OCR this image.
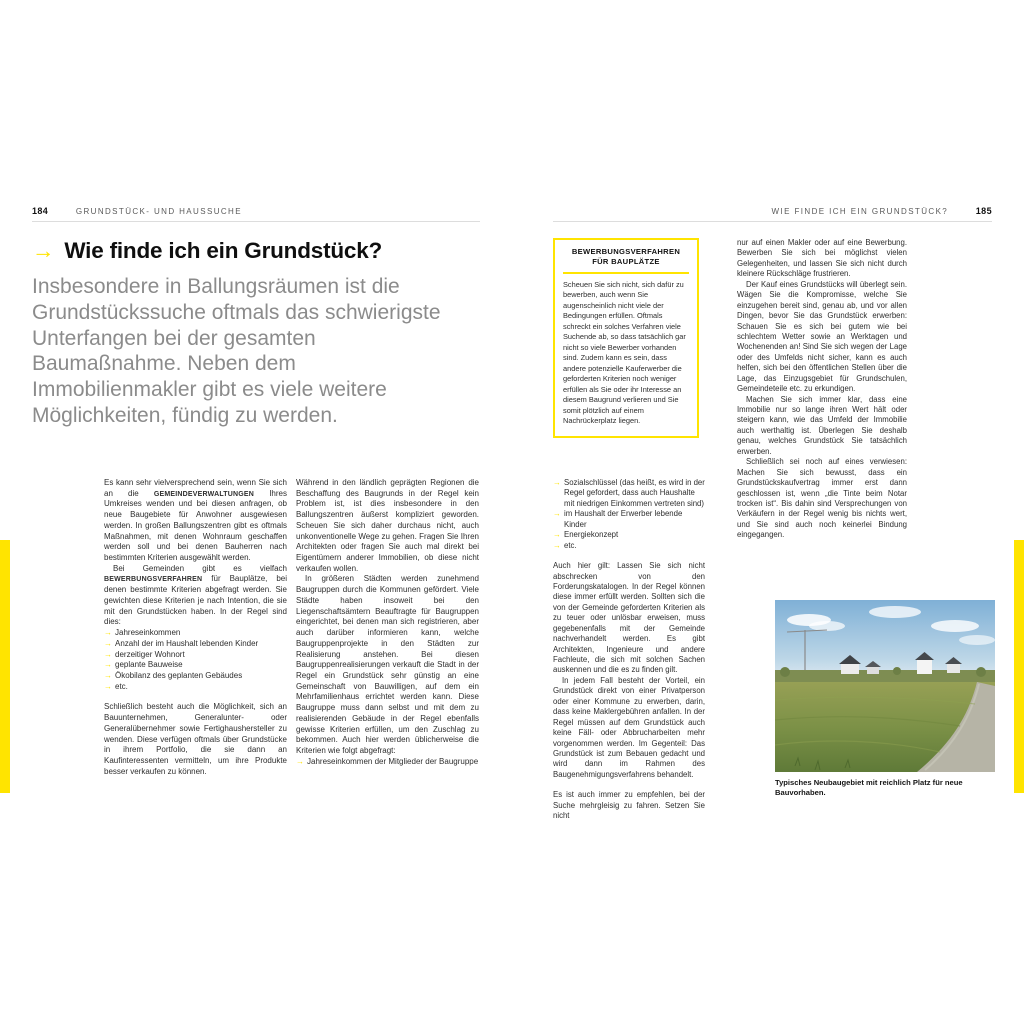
184	GRUNDSTÜCK- UND HAUSSUCHE	WIE FINDE ICH EIN GRUNDSTÜCK?	185
→ Wie finde ich ein Grundstück?

Insbesondere in Ballungsräumen ist die Grundstückssuche oftmals das schwierigste Unterfangen bei der gesamten Baumaßnahme. Neben dem Immobilienmakler gibt es viele weitere Möglichkeiten, fündig zu werden.

Es kann sehr vielversprechend sein, wenn Sie sich an die GEMEINDEVERWALTUNGEN Ihres Umkreises wenden und bei diesen anfragen, ob neue Baugebiete für Anwohner ausgewiesen werden. In großen Ballungszentren gibt es oftmals Maßnahmen, mit denen Wohnraum geschaffen werden soll und bei denen Bauherren nach bestimmten Kriterien ausgewählt werden.

Bei Gemeinden gibt es vielfach BEWERBUNGSVERFAHREN für Bauplätze, bei denen bestimmte Kriterien abgefragt werden. Sie gewichten diese Kriterien je nach Intention, die sie mit den Grundstücken haben. In der Regel sind dies:

→ Jahreseinkommen
→ Anzahl der im Haushalt lebenden Kinder
→ derzeitiger Wohnort
→ geplante Bauweise
→ Ökobilanz des geplanten Gebäudes
→ etc.

Schließlich besteht auch die Möglichkeit, sich an Bauunternehmen, Generalunter- oder Generalübernehmer sowie Fertighaushersteller zu wenden. Diese verfügen oftmals über Grundstücke in ihrem Portfolio, die sie dann an Kaufinteressenten vermitteln, um ihre Produkte besser verkaufen zu können.

Während in den ländlich geprägten Regionen die Beschaffung des Baugrunds in der Regel kein Problem ist, ist dies insbesondere in den Ballungszentren äußerst kompliziert geworden. Scheuen Sie sich daher durchaus nicht, auch unkonventionelle Wege zu gehen. Fragen Sie Ihren Architekten oder fragen Sie auch mal direkt bei Eigentümern anderer Immobilien, ob diese nicht verkaufen wollen.

In größeren Städten werden zunehmend Baugruppen durch die Kommunen gefördert. Viele Städte haben insoweit bei den Liegenschaftsämtern Beauftragte für Baugruppen eingerichtet, bei denen man sich registrieren, aber auch darüber informieren kann, welche Baugruppenprojekte in den Städten zur Realisierung anstehen. Bei diesen Baugruppenrealisierungen verkauft die Stadt in der Regel ein Grundstück sehr günstig an eine Gemeinschaft von Bauwilligen, auf dem ein Mehrfamilienhaus errichtet werden kann. Diese Baugruppe muss dann selbst und mit dem zu realisierenden Gebäude in der Regel ebenfalls gewisse Kriterien erfüllen, um den Zuschlag zu bekommen. Auch hier werden üblicherweise die Kriterien wie folgt abgefragt:

→ Jahreseinkommen der Mitglieder der Baugruppe
BEWERBUNGSVERFAHREN
FÜR BAUPLÄTZE

Scheuen Sie sich nicht, sich dafür zu bewerben, auch wenn Sie augenscheinlich nicht viele der Bedingungen erfüllen. Oftmals schreckt ein solches Verfahren viele Suchende ab, so dass tatsächlich gar nicht so viele Bewerber vorhanden sind. Zudem kann es sein, dass andere potenzielle Kauferwerber die geforderten Kriterien noch weniger erfüllen als Sie oder ihr Interesse an diesem Baugrund verlieren und Sie somit plötzlich auf einem Nachrückerplatz liegen.

→ Sozialschlüssel (das heißt, es wird in der Regel gefordert, dass auch Haushalte mit niedrigen Einkommen vertreten sind)
→ im Haushalt der Erwerber lebende Kinder
→ Energiekonzept
→ etc.

Auch hier gilt: Lassen Sie sich nicht abschrecken von den Forderungskatalogen. In der Regel können diese immer erfüllt werden. Sollten sich die von der Gemeinde geforderten Kriterien als zu teuer oder unlösbar erweisen, muss gegebenenfalls mit der Gemeinde nachverhandelt werden. Es gibt Architekten, Ingenieure und andere Fachleute, die sich mit solchen Sachen auskennen und die es zu finden gilt.

In jedem Fall besteht der Vorteil, ein Grundstück direkt von einer Privatperson oder einer Kommune zu erwerben, darin, dass keine Maklergebühren anfallen. In der Regel müssen auf dem Grundstück auch keine Fäll- oder Abbrucharbeiten mehr vorgenommen werden. Im Gegenteil: Das Grundstück ist zum Bebauen gedacht und wird dann im Rahmen des Baugenehmigungsverfahrens behandelt.

Es ist auch immer zu empfehlen, bei der Suche mehrgleisig zu fahren. Setzen Sie nicht

nur auf einen Makler oder auf eine Bewerbung. Bewerben Sie sich bei möglichst vielen Gelegenheiten, und lassen Sie sich nicht durch kleinere Rückschläge frustrieren.

Der Kauf eines Grundstücks will überlegt sein. Wägen Sie die Kompromisse, welche Sie einzugehen bereit sind, genau ab, und vor allen Dingen, bevor Sie das Grundstück erwerben: Schauen Sie es sich bei gutem wie bei schlechtem Wetter sowie an Werktagen und Wochenenden an! Sind Sie sich wegen der Lage oder des Umfelds nicht sicher, kann es auch helfen, sich bei den öffentlichen Stellen über die Lage, das Einzugsgebiet für Grundschulen, Gemeindeteile etc. zu erkundigen.

Machen Sie sich immer klar, dass eine Immobilie nur so lange ihren Wert hält oder steigern kann, wie das Umfeld der Immobilie auch werthaltig ist. Überlegen Sie deshalb genau, welches Grundstück Sie tatsächlich erwerben.

Schließlich sei noch auf eines verwiesen: Machen Sie sich bewusst, dass ein Grundstückskaufvertrag immer erst dann geschlossen ist, wenn „die Tinte beim Notar trocken ist“. Bis dahin sind Versprechungen von Verkäufern in der Regel wenig bis nichts wert, und Sie sind auch noch keinerlei Bindung eingegangen.

Typisches Neubaugebiet mit reichlich Platz für neue Bauvorhaben.
